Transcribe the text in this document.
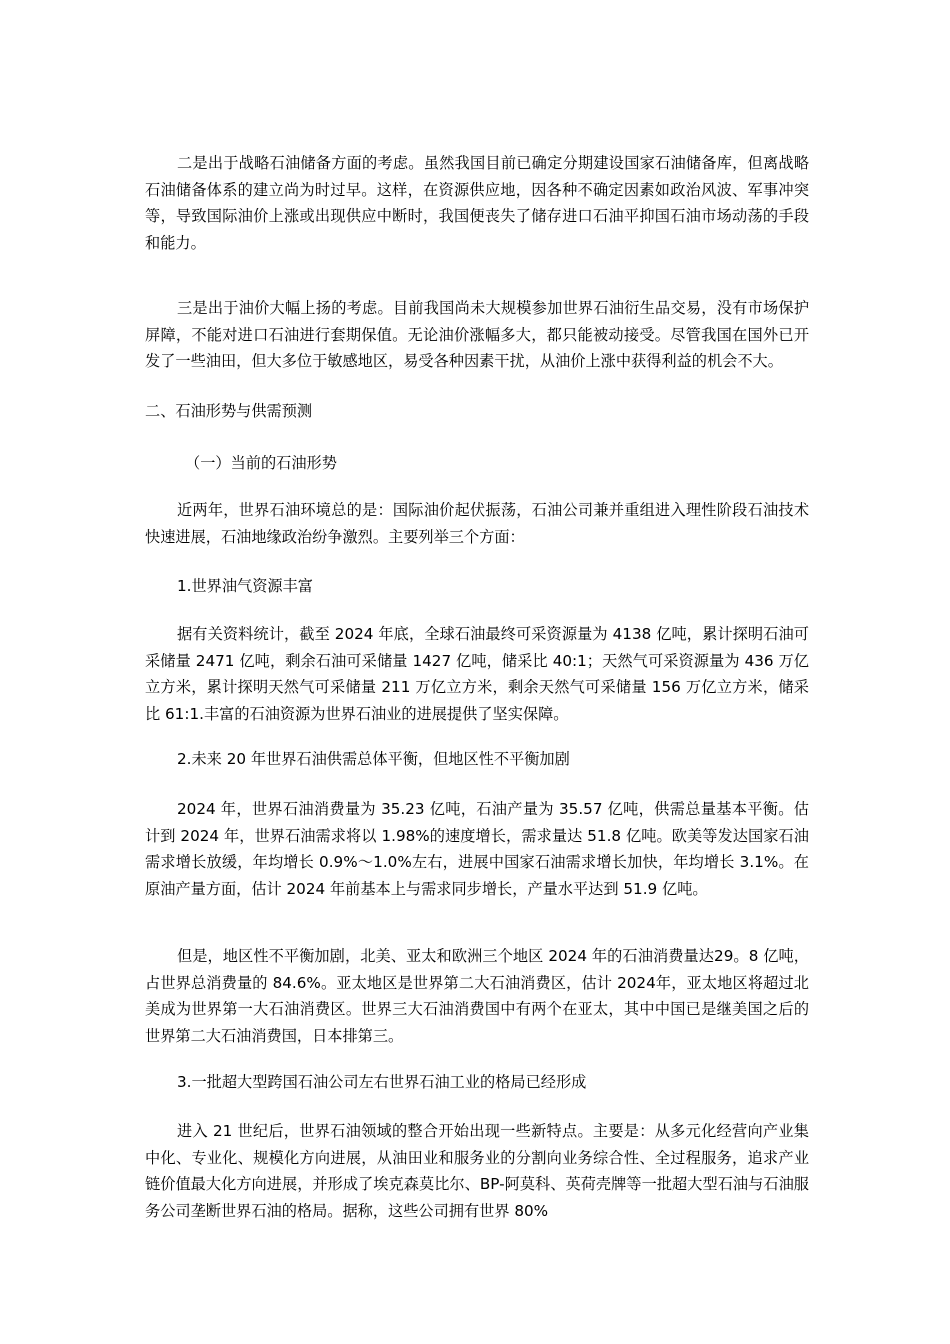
二是出于战略石油储备方面的考虑。虽然我国目前已确定分期建设国家石油储备库，但离战略石油储备体系的建立尚为时过早。这样，在资源供应地，因各种不确定因素如政治风波、军事冲突等，导致国际油价上涨或出现供应中断时，我国便丧失了储存进口石油平抑国石油市场动荡的手段和能力。

三是出于油价大幅上扬的考虑。目前我国尚未大规模参加世界石油衍生品交易，没有市场保护屏障，不能对进口石油进行套期保值。无论油价涨幅多大，都只能被动接受。尽管我国在国外已开发了一些油田，但大多位于敏感地区，易受各种因素干扰，从油价上涨中获得利益的机会不大。

二、石油形势与供需预测

（一）当前的石油形势

近两年，世界石油环境总的是：国际油价起伏振荡，石油公司兼并重组进入理性阶段石油技术快速进展，石油地缘政治纷争激烈。主要列举三个方面：

1.世界油气资源丰富

据有关资料统计，截至 2024 年底，全球石油最终可采资源量为 4138 亿吨，累计探明石油可采储量 2471 亿吨，剩余石油可采储量 1427 亿吨，储采比 40:1；天然气可采资源量为 436 万亿立方米，累计探明天然气可采储量 211 万亿立方米，剩余天然气可采储量 156 万亿立方米，储采比 61:1.丰富的石油资源为世界石油业的进展提供了坚实保障。

2.未来 20 年世界石油供需总体平衡，但地区性不平衡加剧

2024 年，世界石油消费量为 35.23 亿吨，石油产量为 35.57 亿吨，供需总量基本平衡。估计到 2024 年，世界石油需求将以 1.98%的速度增长，需求量达 51.8 亿吨。欧美等发达国家石油需求增长放缓，年均增长 0.9%～1.0%左右，进展中国家石油需求增长加快，年均增长 3.1%。在原油产量方面，估计 2024 年前基本上与需求同步增长，产量水平达到 51.9 亿吨。

但是，地区性不平衡加剧，北美、亚太和欧洲三个地区 2024 年的石油消费量达29。8 亿吨，占世界总消费量的 84.6%。亚太地区是世界第二大石油消费区，估计 2024年，亚太地区将超过北美成为世界第一大石油消费区。世界三大石油消费国中有两个在亚太，其中中国已是继美国之后的世界第二大石油消费国，日本排第三。

3.一批超大型跨国石油公司左右世界石油工业的格局已经形成

进入 21 世纪后，世界石油领域的整合开始出现一些新特点。主要是：从多元化经营向产业集中化、专业化、规模化方向进展，从油田业和服务业的分割向业务综合性、全过程服务，追求产业链价值最大化方向进展，并形成了埃克森莫比尔、BP-阿莫科、英荷壳牌等一批超大型石油与石油服务公司垄断世界石油的格局。据称，这些公司拥有世界 80%
